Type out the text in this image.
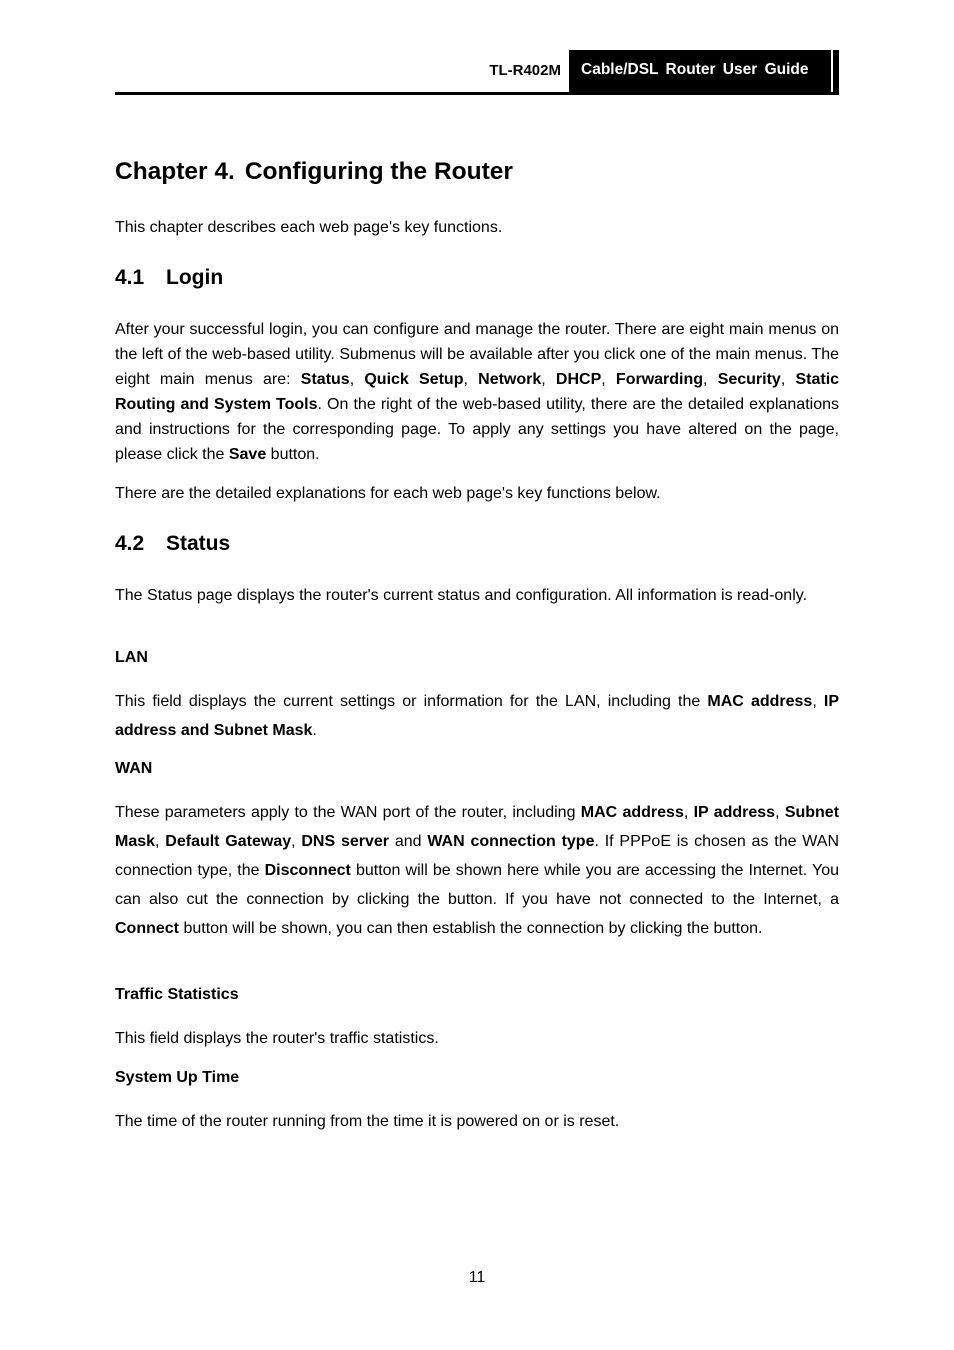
TL-R402M Cable/DSL Router User Guide
Chapter 4. Configuring the Router

This chapter describes each web page's key functions.

4.1 Login

After your successful login, you can configure and manage the router. There are eight main menus on the left of the web-based utility. Submenus will be available after you click one of the main menus. The eight main menus are: Status, Quick Setup, Network, DHCP, Forwarding, Security, Static Routing and System Tools. On the right of the web-based utility, there are the detailed explanations and instructions for the corresponding page. To apply any settings you have altered on the page, please click the Save button.

There are the detailed explanations for each web page's key functions below.

4.2 Status

The Status page displays the router's current status and configuration. All information is read-only.

LAN

This field displays the current settings or information for the LAN, including the MAC address, IP address and Subnet Mask.

WAN

These parameters apply to the WAN port of the router, including MAC address, IP address, Subnet Mask, Default Gateway, DNS server and WAN connection type. If PPPoE is chosen as the WAN connection type, the Disconnect button will be shown here while you are accessing the Internet. You can also cut the connection by clicking the button. If you have not connected to the Internet, a Connect button will be shown, you can then establish the connection by clicking the button.

Traffic Statistics

This field displays the router's traffic statistics.

System Up Time

The time of the router running from the time it is powered on or is reset.

11
